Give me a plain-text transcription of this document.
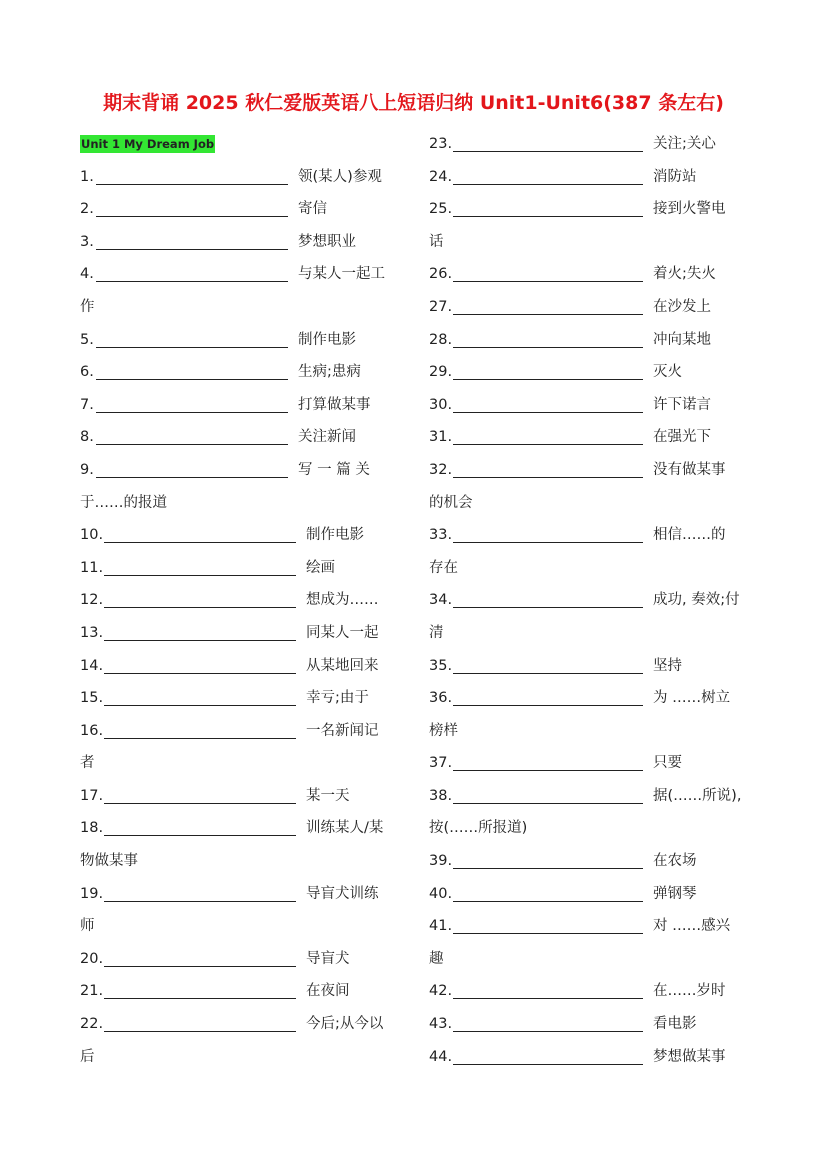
期末背诵 2025 秋仁爱版英语八上短语归纳 Unit1-Unit6(387 条左右)
Unit 1 My Dream Job
1.	领(某人)参观
2.	寄信
3.	梦想职业
4.	与某人一起工
作
5.	制作电影
6.	生病;患病
7.	打算做某事
8.	关注新闻
9.	写 一 篇 关
于……的报道
10.	制作电影
11.	绘画
12.	想成为……
13.	同某人一起
14.	从某地回来
15.	幸亏;由于
16.	一名新闻记
者
17.	某一天
18.	训练某人/某
物做某事
19.	导盲犬训练
师
20.	导盲犬
21.	在夜间
22.	今后;从今以
后
23.	关注;关心
24.	消防站
25.	接到火警电
话
26.	着火;失火
27.	在沙发上
28.	冲向某地
29.	灭火
30.	许下诺言
31.	在强光下
32.	没有做某事
的机会
33.	相信……的
存在
34.	成功, 奏效;付
清
35.	坚持
36.	为 ……树立
榜样
37.	只要
38.	据(……所说),
按(……所报道)
39.	在农场
40.	弹钢琴
41.	对 ……感兴
趣
42.	在……岁时
43.	看电影
44.	梦想做某事
